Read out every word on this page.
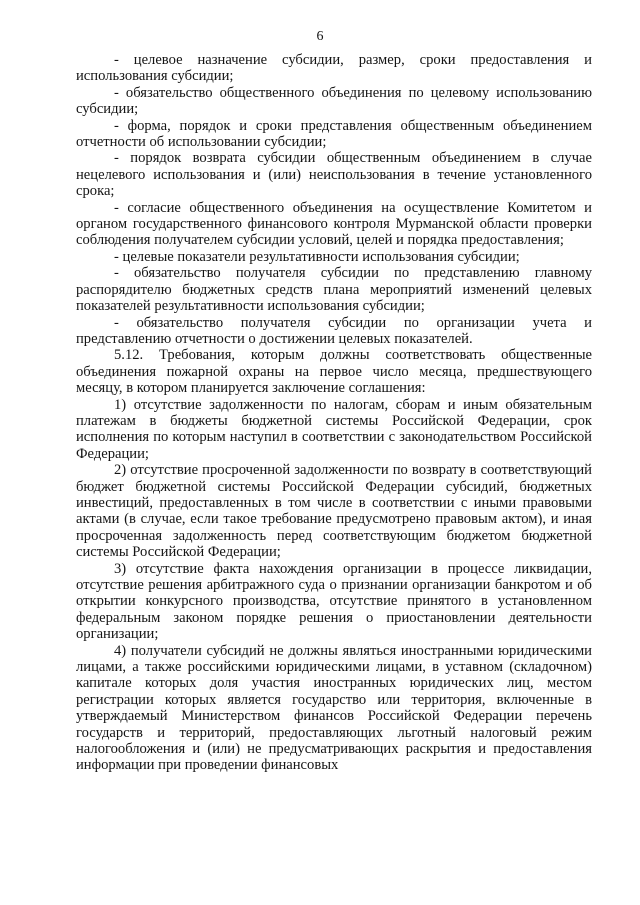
6

- целевое назначение субсидии, размер, сроки предоставления и использования субсидии;

- обязательство общественного объединения по целевому использованию субсидии;

- форма, порядок и сроки представления общественным объединением отчетности об использовании субсидии;

- порядок возврата субсидии общественным объединением в случае нецелевого использования и (или) неиспользования в течение установленного срока;

- согласие общественного объединения на осуществление Комитетом и органом государственного финансового контроля Мурманской области проверки соблюдения получателем субсидии условий, целей и порядка предоставления;

- целевые показатели результативности использования субсидии;

- обязательство получателя субсидии по представлению главному распорядителю бюджетных средств плана мероприятий изменений целевых показателей результативности использования субсидии;

- обязательство получателя субсидии по организации учета и представлению отчетности о достижении целевых показателей.

5.12. Требования, которым должны соответствовать общественные объединения пожарной охраны на первое число месяца, предшествующего месяцу, в котором планируется заключение соглашения:

1) отсутствие задолженности по налогам, сборам и иным обязательным платежам в бюджеты бюджетной системы Российской Федерации, срок исполнения по которым наступил в соответствии с законодательством Российской Федерации;

2) отсутствие просроченной задолженности по возврату в соответствующий бюджет бюджетной системы Российской Федерации субсидий, бюджетных инвестиций, предоставленных в том числе в соответствии с иными правовыми актами (в случае, если такое требование предусмотрено правовым актом), и иная просроченная задолженность перед соответствующим бюджетом бюджетной системы Российской Федерации;

3) отсутствие факта нахождения организации в процессе ликвидации, отсутствие решения арбитражного суда о признании организации банкротом и об открытии конкурсного производства, отсутствие принятого в установленном федеральным законом порядке решения о приостановлении деятельности организации;

4) получатели субсидий не должны являться иностранными юридическими лицами, а также российскими юридическими лицами, в уставном (складочном) капитале которых доля участия иностранных юридических лиц, местом регистрации которых является государство или территория, включенные в утверждаемый Министерством финансов Российской Федерации перечень государств и территорий, предоставляющих льготный налоговый режим налогообложения и (или) не предусматривающих раскрытия и предоставления информации при проведении финансовых
